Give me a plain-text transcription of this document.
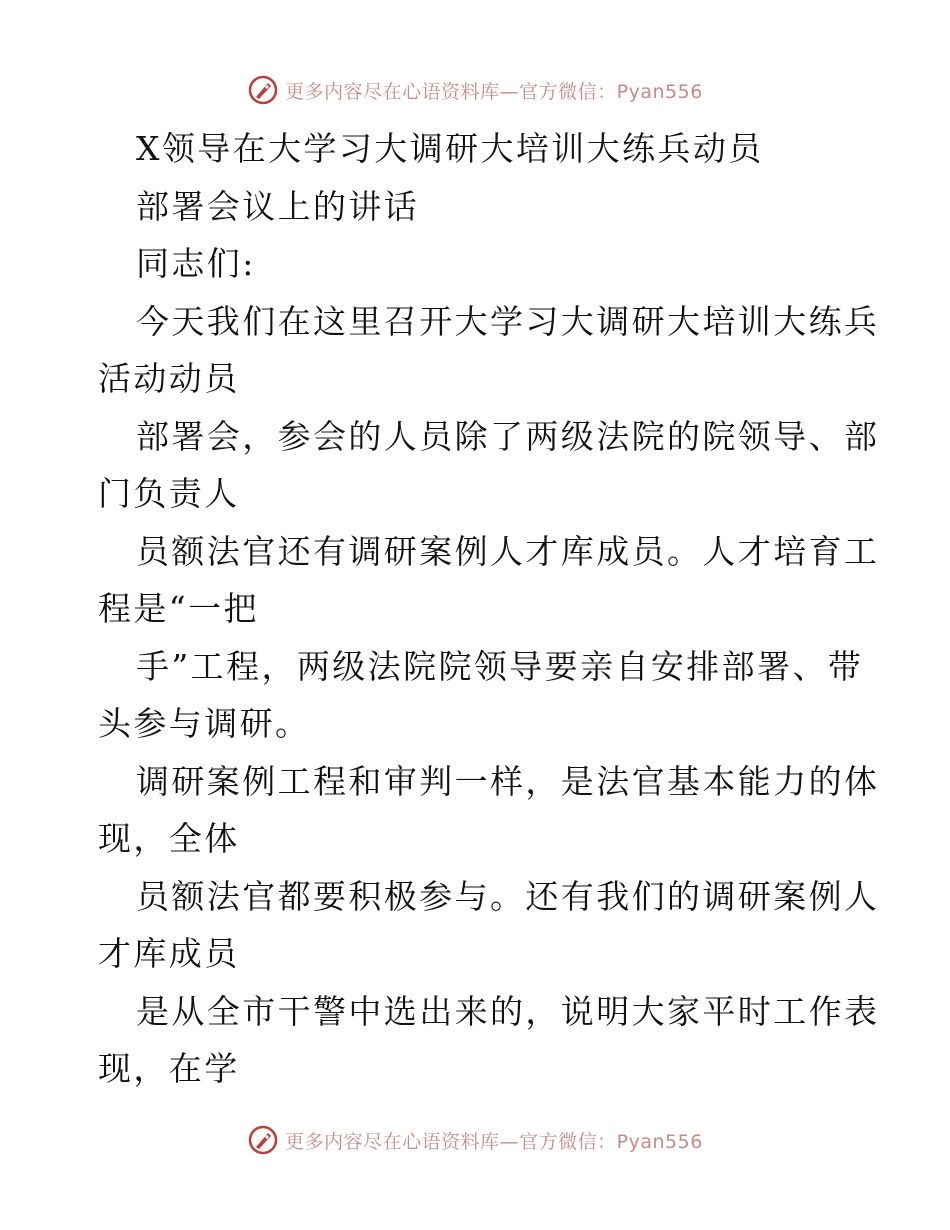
更多内容尽在心语资料库—官方微信：Pyan556
X领导在大学习大调研大培训大练兵动员
部署会议上的讲话
同志们:
今天我们在这里召开大学习大调研大培训大练兵
活动动员
部署会，参会的人员除了两级法院的院领导、部
门负责人
员额法官还有调研案例人才库成员。人才培育工
程是“一把
手”工程，两级法院院领导要亲自安排部署、带
头参与调研。
调研案例工程和审判一样，是法官基本能力的体
现，全体
员额法官都要积极参与。还有我们的调研案例人
才库成员
是从全市干警中选出来的，说明大家平时工作表
现，在学
更多内容尽在心语资料库—官方微信：Pyan556
